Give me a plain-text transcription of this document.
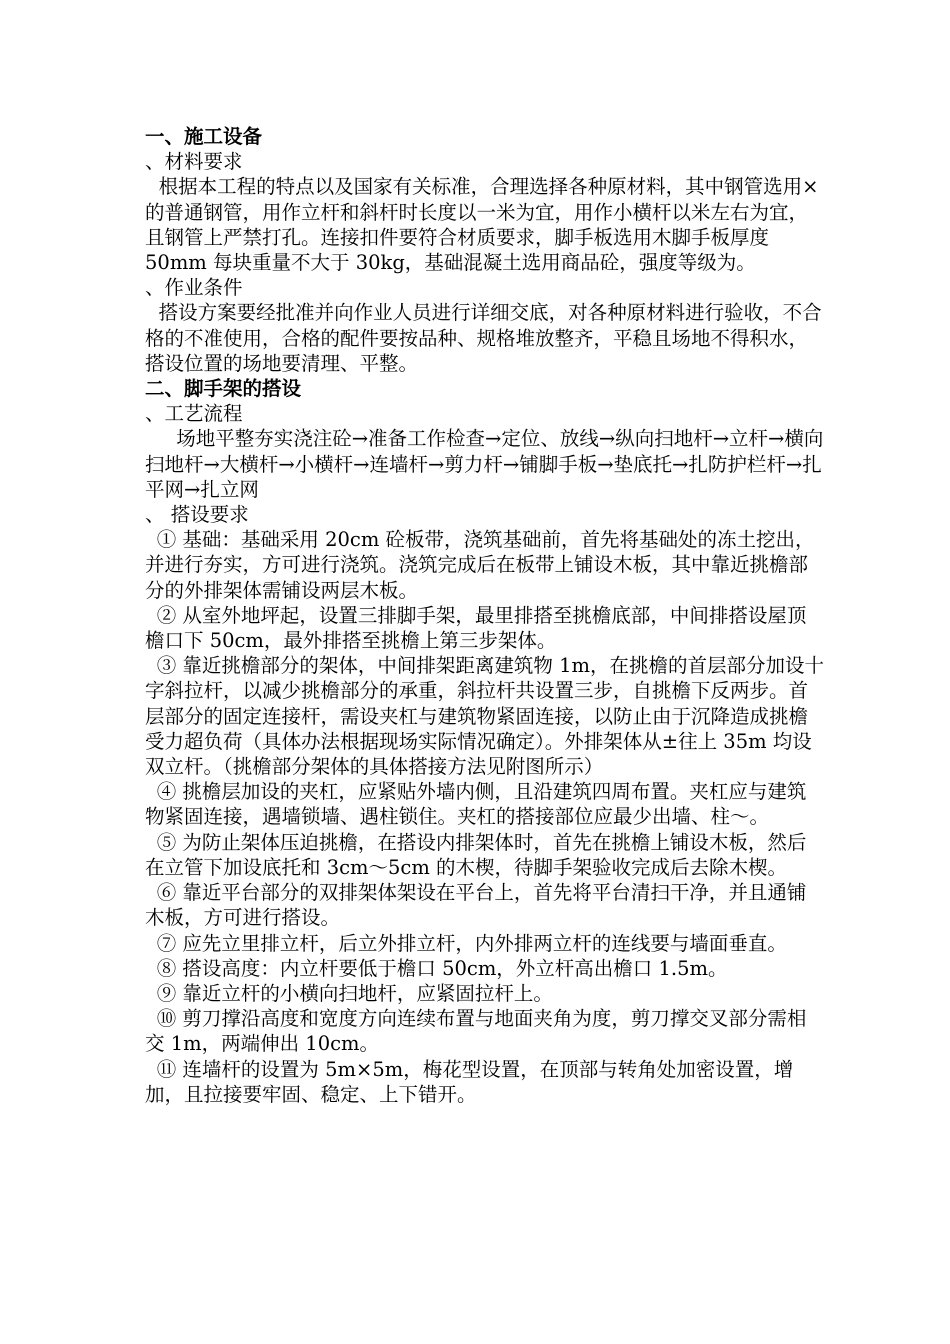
一、施工设备

、材料要求

根据本工程的特点以及国家有关标准，合理选择各种原材料，其中钢管选用×的普通钢管，用作立杆和斜杆时长度以一米为宜，用作小横杆以米左右为宜，且钢管上严禁打孔。连接扣件要符合材质要求，脚手板选用木脚手板厚度 50mm 每块重量不大于 30kg，基础混凝土选用商品砼，强度等级为。

、作业条件

搭设方案要经批准并向作业人员进行详细交底，对各种原材料进行验收，不合格的不准使用，合格的配件要按品种、规格堆放整齐，平稳且场地不得积水，搭设位置的场地要清理、平整。

二、脚手架的搭设

、工艺流程

场地平整夯实浇注砼→准备工作检查→定位、放线→纵向扫地杆→立杆→横向扫地杆→大横杆→小横杆→连墙杆→剪力杆→铺脚手板→垫底托→扎防护栏杆→扎平网→扎立网

、 搭设要求

① 基础：基础采用 20cm 砼板带，浇筑基础前，首先将基础处的冻土挖出，并进行夯实，方可进行浇筑。浇筑完成后在板带上铺设木板，其中靠近挑檐部分的外排架体需铺设两层木板。

② 从室外地坪起，设置三排脚手架，最里排搭至挑檐底部，中间排搭设屋顶檐口下 50cm，最外排搭至挑檐上第三步架体。

③ 靠近挑檐部分的架体，中间排架距离建筑物 1m，在挑檐的首层部分加设十字斜拉杆，以减少挑檐部分的承重，斜拉杆共设置三步，自挑檐下反两步。首层部分的固定连接杆，需设夹杠与建筑物紧固连接，以防止由于沉降造成挑檐受力超负荷（具体办法根据现场实际情况确定）。外排架体从±往上 35m 均设双立杆。（挑檐部分架体的具体搭接方法见附图所示）

④ 挑檐层加设的夹杠，应紧贴外墙内侧，且沿建筑四周布置。夹杠应与建筑物紧固连接，遇墙锁墙、遇柱锁住。夹杠的搭接部位应最少出墙、柱～。

⑤ 为防止架体压迫挑檐，在搭设内排架体时，首先在挑檐上铺设木板，然后在立管下加设底托和 3cm～5cm 的木楔，待脚手架验收完成后去除木楔。

⑥ 靠近平台部分的双排架体架设在平台上，首先将平台清扫干净，并且通铺木板，方可进行搭设。

⑦ 应先立里排立杆，后立外排立杆，内外排两立杆的连线要与墙面垂直。

⑧ 搭设高度：内立杆要低于檐口 50cm，外立杆高出檐口 1.5m。

⑨ 靠近立杆的小横向扫地杆，应紧固拉杆上。

⑩ 剪刀撑沿高度和宽度方向连续布置与地面夹角为度，剪刀撑交叉部分需相交 1m，两端伸出 10cm。

⑪ 连墙杆的设置为 5m×5m，梅花型设置，在顶部与转角处加密设置，增加，且拉接要牢固、稳定、上下错开。
